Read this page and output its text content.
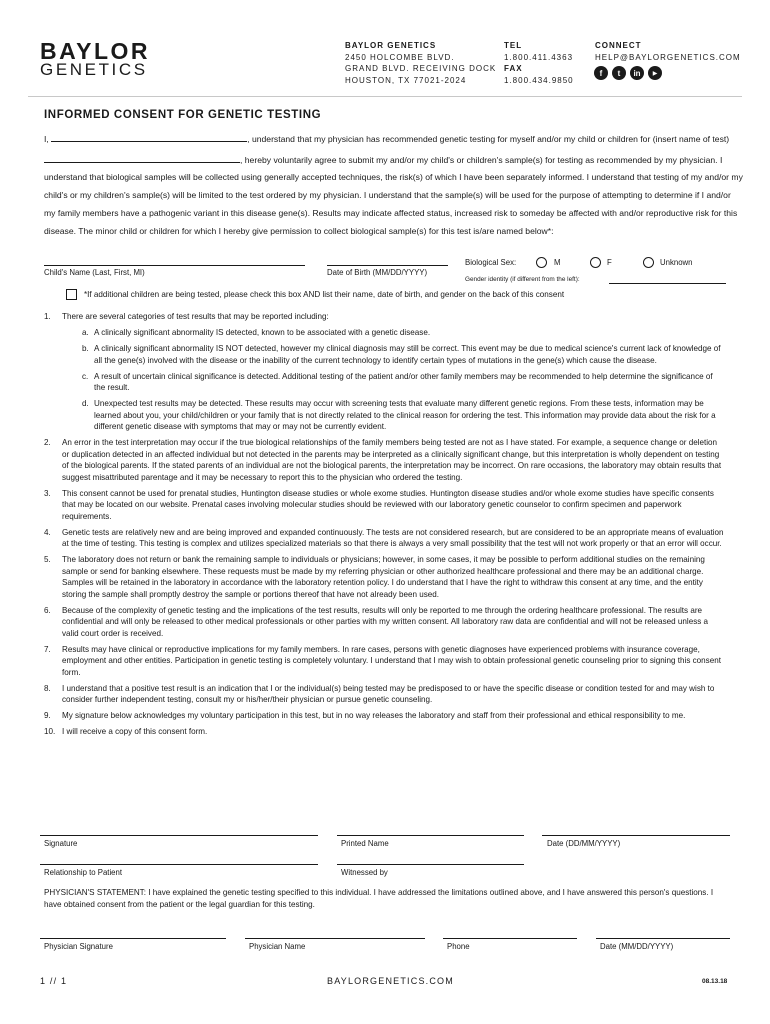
BAYLOR
GENETICS
BAYLOR GENETICS
2450 HOLCOMBE BLVD.
GRAND BLVD. RECEIVING DOCK
HOUSTON, TX 77021-2024
TEL
1.800.411.4363
FAX
1.800.434.9850
CONNECT
HELP@BAYLORGENETICS.COM
f	t	in	▶
INFORMED CONSENT FOR GENETIC TESTING
I,	, understand that my physician has recommended genetic testing for myself and/or my child or children for (insert name of test)
, hereby voluntarily agree to submit my and/or my child's or children's sample(s) for testing as recommended by my physician. I
understand that biological samples will be collected using generally accepted techniques, the risk(s) of which I have been separately informed. I understand that testing of my and/or my
child's or my children's sample(s) will be limited to the test ordered by my physician. I understand that the sample(s) will be used for the purpose of attempting to determine if I and/or
my family members have a pathogenic variant in this disease gene(s). Results may indicate affected status, increased risk to someday be affected with and/or reproductive risk for this
disease. The minor child or children for which I hereby give permission to collect biological sample(s) for this test is/are named below*:
Child's Name (Last, First, MI)	Date of Birth (MM/DD/YYYY)
Biological Sex:	M	F	Unknown
Gender identity (if different from the left):
*If additional children are being tested, please check this box AND list their name, date of birth, and gender on the back of this consent
1. There are several categories of test results that may be reported including:
a. A clinically significant abnormality IS detected, known to be associated with a genetic disease.
b. A clinically significant abnormality IS NOT detected, however my clinical diagnosis may still be correct. This event may be due to medical science's current lack of knowledge of all the gene(s) involved with the disease or the inability of the current technology to identify certain types of mutations in the gene(s) which cause the disease.
c. A result of uncertain clinical significance is detected. Additional testing of the patient and/or other family members may be recommended to help determine the significance of the result.
d. Unexpected test results may be detected. These results may occur with screening tests that evaluate many different genetic regions. From these tests, information may be learned about you, your child/children or your family that is not directly related to the clinical reason for ordering the test. This information may provide data about the risk for a different genetic disease with symptoms that may or may not be currently evident.
2. An error in the test interpretation may occur if the true biological relationships of the family members being tested are not as I have stated. For example, a sequence change or deletion or duplication detected in an affected individual but not detected in the parents may be interpreted as a clinically significant change, but this interpretation is wholly dependent on testing of the biological parents. If the stated parents of an individual are not the biological parents, the interpretation may be incorrect. On rare occasions, the laboratory may obtain results that suggest misattributed parentage and it may be necessary to report this to the physician who ordered the testing.
3. This consent cannot be used for prenatal studies, Huntington disease studies or whole exome studies. Huntington disease studies and/or whole exome studies have specific consents that may be located on our website. Prenatal cases involving molecular studies should be reviewed with our laboratory genetic counselor to confirm specimen and paperwork requirements.
4. Genetic tests are relatively new and are being improved and expanded continuously. The tests are not considered research, but are considered to be an appropriate means of evaluation at the time of testing. This testing is complex and utilizes specialized materials so that there is always a very small possibility that the test will not work properly or that an error will occur.
5. The laboratory does not return or bank the remaining sample to individuals or physicians; however, in some cases, it may be possible to perform additional studies on the remaining sample or send for banking elsewhere. These requests must be made by my referring physician or other authorized healthcare professional and there may be an additional charge. Samples will be retained in the laboratory in accordance with the laboratory retention policy. I do understand that I have the right to withdraw this consent at any time, and the entity storing the sample shall promptly destroy the sample or portions thereof that have not already been used.
6. Because of the complexity of genetic testing and the implications of the test results, results will only be reported to me through the ordering healthcare professional. The results are confidential and will only be released to other medical professionals or other parties with my written consent. All laboratory raw data are confidential and will not be released unless a valid court order is received.
7. Results may have clinical or reproductive implications for my family members. In rare cases, persons with genetic diagnoses have experienced problems with insurance coverage, employment and other entities. Participation in genetic testing is completely voluntary. I understand that I may wish to obtain professional genetic counseling prior to signing this consent form.
8. I understand that a positive test result is an indication that I or the individual(s) being tested may be predisposed to or have the specific disease or condition tested for and may wish to consider further independent testing, consult my or his/her/their physician or pursue genetic counseling.
9. My signature below acknowledges my voluntary participation in this test, but in no way releases the laboratory and staff from their professional and ethical responsibility to me.
10. I will receive a copy of this consent form.
Signature	Printed Name	Date (DD/MM/YYYY)
Relationship to Patient	Witnessed by
PHYSICIAN'S STATEMENT: I have explained the genetic testing specified to this individual. I have addressed the limitations outlined above, and I have answered this person's questions. I have obtained consent from the patient or the legal guardian for this testing.
Physician Signature	Physician Name	Phone	Date (MM/DD/YYYY)
1 // 1	BAYLORGENETICS.COM	08.13.18
